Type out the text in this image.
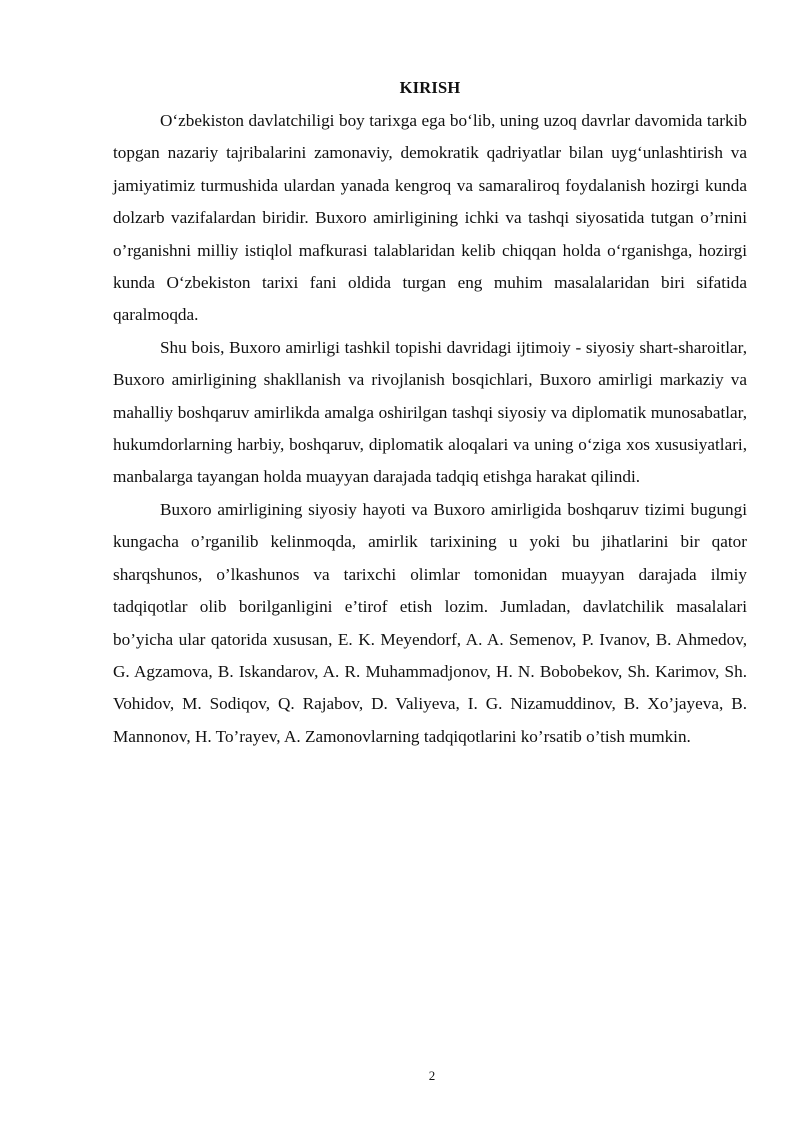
KIRISH

O‘zbekiston davlatchiligi boy tarixga ega bo‘lib, uning uzoq davrlar davomida tarkib topgan nazariy tajribalarini zamonaviy, demokratik qadriyatlar bilan uyg‘unlashtirish va jamiyatimiz turmushida ulardan yanada kengroq va samaraliroq foydalanish hozirgi kunda dolzarb vazifalardan biridir. Buxoro amirligining ichki va tashqi siyosatida tutgan o’rnini o’rganishni milliy istiqlol mafkurasi talablaridan kelib chiqqan holda o‘rganishga, hozirgi kunda O‘zbekiston tarixi fani oldida turgan eng muhim masalalaridan biri sifatida qaralmoqda.

Shu bois, Buxoro amirligi tashkil topishi davridagi ijtimoiy - siyosiy shart-sharoitlar, Buxoro amirligining shakllanish va rivojlanish bosqichlari, Buxoro amirligi markaziy va mahalliy boshqaruv amirlikda amalga oshirilgan tashqi siyosiy va diplomatik munosabatlar, hukumdorlarning harbiy, boshqaruv, diplomatik aloqalari va uning o‘ziga xos xususiyatlari, manbalarga tayangan holda muayyan darajada tadqiq etishga harakat qilindi.

Buxoro amirligining siyosiy hayoti va Buxoro amirligida boshqaruv tizimi bugungi kungacha o’rganilib kelinmoqda, amirlik tarixining u yoki bu jihatlarini bir qator sharqshunos, o’lkashunos va tarixchi olimlar tomonidan muayyan darajada ilmiy tadqiqotlar olib borilganligini e’tirof etish lozim. Jumladan, davlatchilik masalalari bo’yicha ular qatorida xususan, E. K. Meyendorf, A. A. Semenov, P. Ivanov, B. Ahmedov, G. Agzamova, B. Iskandarov, A. R. Muhammadjonov, H. N. Bobobekov, Sh. Karimov, Sh. Vohidov, M. Sodiqov, Q. Rajabov, D. Valiyeva, I. G. Nizamuddinov, B. Xo’jayeva, B. Mannonov, H. To’rayev, A. Zamonovlarning tadqiqotlarini ko’rsatib o’tish mumkin.

2
